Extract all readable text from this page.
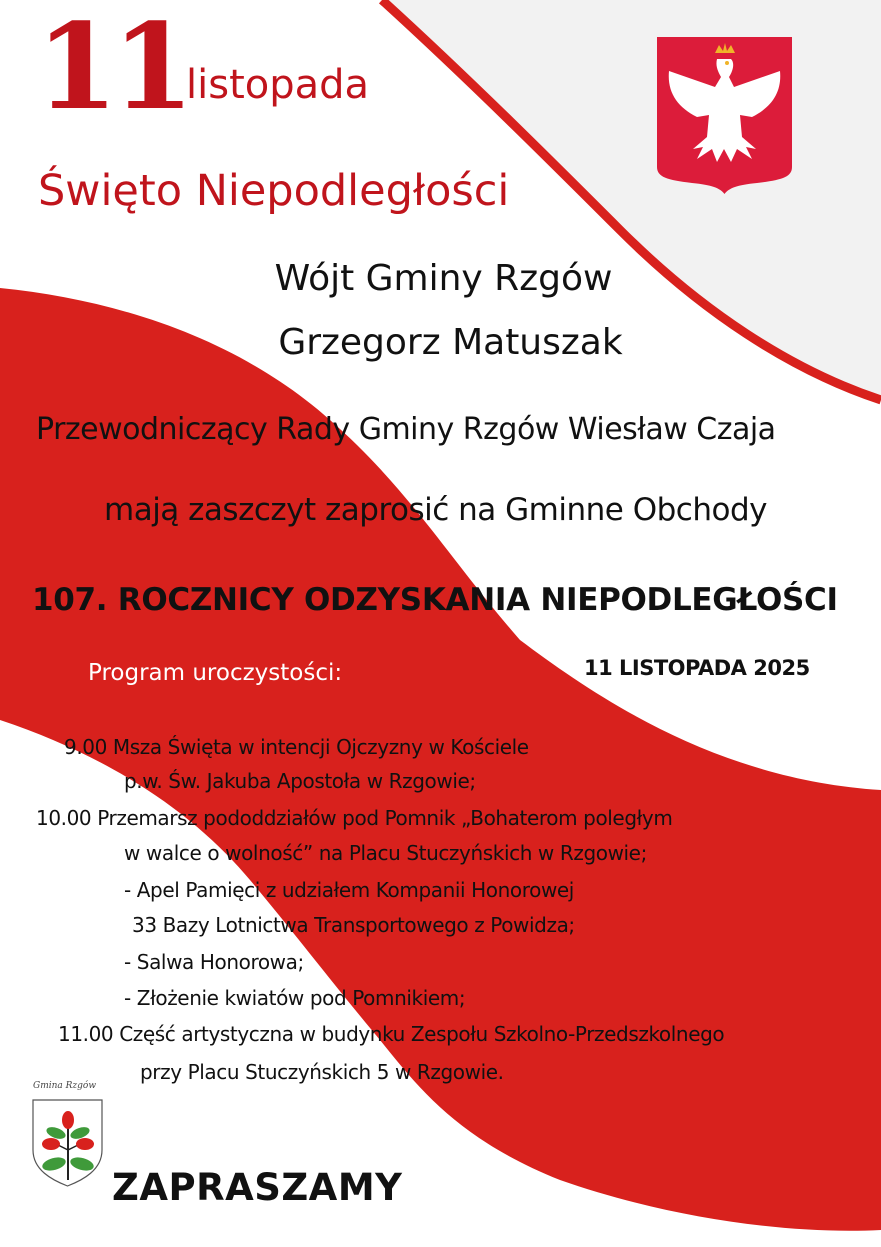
11
listopada
Święto Niepodległości
Wójt Gminy Rzgów
Grzegorz Matuszak
Przewodniczący Rady Gminy Rzgów Wiesław Czaja
mają zaszczyt zaprosić na Gminne Obchody
107. ROCZNICY ODZYSKANIA NIEPODLEGŁOŚCI
Program uroczystości:	11 LISTOPADA 2025
9.00 Msza Święta w intencji Ojczyzny w Kościele
p.w. Św. Jakuba Apostoła w Rzgowie;
10.00 Przemarsz pododdziałów pod Pomnik „Bohaterom poległym
w walce o wolność” na Placu Stuczyńskich w Rzgowie;
- Apel Pamięci z udziałem Kompanii Honorowej
33 Bazy Lotnictwa Transportowego z Powidza;
- Salwa Honorowa;
- Złożenie kwiatów pod Pomnikiem;
11.00 Część artystyczna w budynku Zespołu Szkolno-Przedszkolnego
przy Placu Stuczyńskich 5 w Rzgowie.
Gmina Rzgów
ZAPRASZAMY
